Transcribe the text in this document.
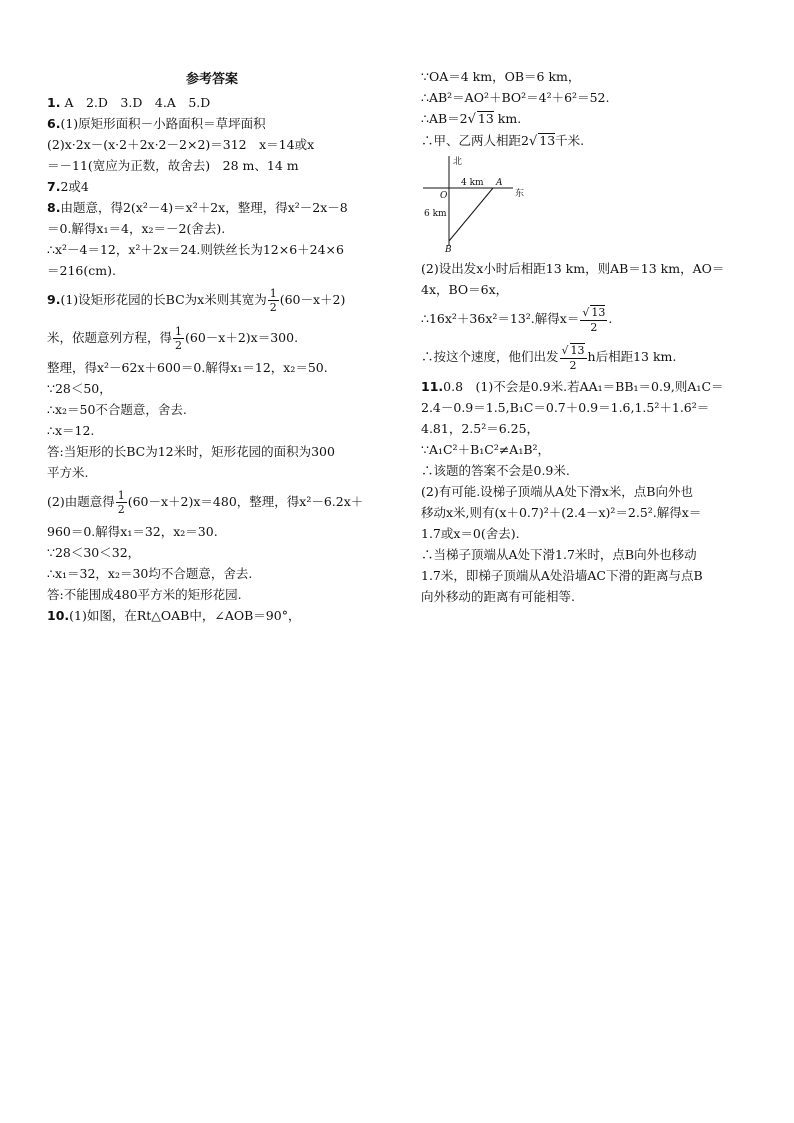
参考答案
1. A　2.D　3.D　4.A　5.D
6.(1)原矩形面积－小路面积＝草坪面积
(2)x·2x－(x·2＋2x·2－2×2)＝312　x＝14或x
＝－11(宽应为正数，故舍去)　28 m、14 m
7.2或4
8.由题意，得2(x²－4)＝x²＋2x，整理，得x²－2x－8
＝0.解得x₁＝4，x₂＝－2(舍去).
∴x²－4＝12，x²＋2x＝24.则铁丝长为12×6＋24×6
＝216(cm).
9.(1)设矩形花园的长BC为x米则其宽为 $\frac{1}{2} (60-x+2)$
米，依题意列方程，得 $\frac{1}{2} (60-x+2)x=300$.
整理，得x²－62x＋600＝0.解得x₁＝12，x₂＝50.
∵28＜50，
∴x₂＝50不合题意，舍去.
∴x＝12.
答:当矩形的长BC为12米时，矩形花园的面积为300
平方米.
(2)由题意得 $\frac{1}{2} (60-x+2)x=480$，整理，得x²－6.2x＋
960＝0.解得x₁＝32，x₂＝30.
∵28＜30＜32，
∴x₁＝32，x₂＝30均不合题意，舍去.
答:不能围成480平方米的矩形花园.
10.(1)如图，在Rt△OAB中，∠AOB＝90°，
∵OA＝4 km，OB＝6 km，
∴AB²＝AO²＋BO²＝4²＋6²＝52.
∴AB＝2√ 13 km.
∴甲、乙两人相距2√ 13千米.
北
东
O
A
B
4 km
6 km
(2)设出发x小时后相距13 km，则AB＝13 km，AO＝
4x，BO＝6x，
∴16x²＋36x²＝13².解得$x= \frac{√ 13}{2}$ .
∴按这个速度，他们出发 $\frac{√ 13}{2}$ h后相距13 km.
11.0.8　(1)不会是0.9米.若AA₁＝BB₁＝0.9,则A₁C＝
2.4－0.9＝1.5,B₁C＝0.7＋0.9＝1.6,1.5²＋1.6²＝
4.81，2.5²＝6.25，
∵A₁C²＋B₁C²≠A₁B²，
∴该题的答案不会是0.9米.
(2)有可能.设梯子顶端从A处下滑x米，点B向外也
移动x米,则有(x＋0.7)²＋(2.4－x)²＝2.5².解得x＝
1.7或x＝0(舍去).
∴当梯子顶端从A处下滑1.7米时，点B向外也移动
1.7米，即梯子顶端从A处沿墙AC下滑的距离与点B
向外移动的距离有可能相等.
